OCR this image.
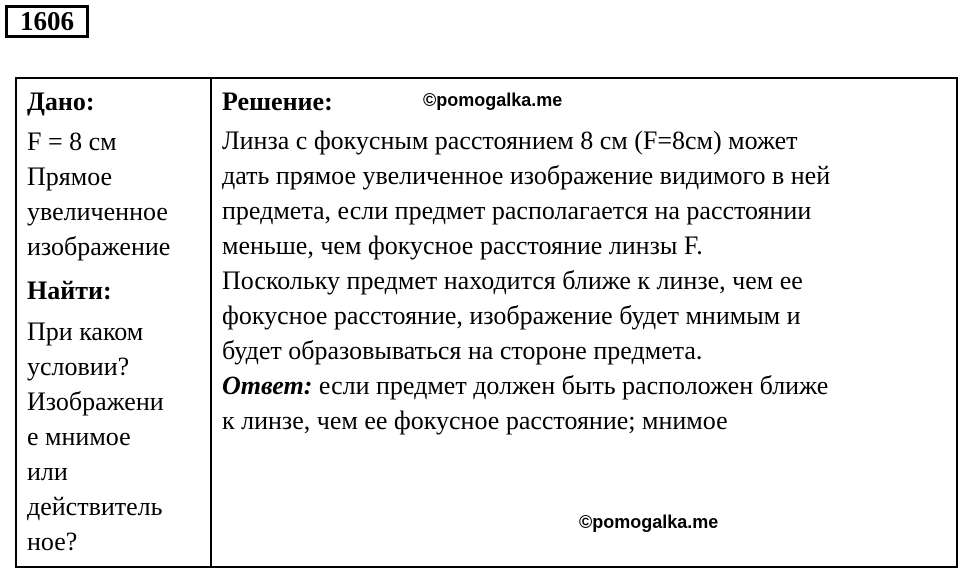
1606
Дано:
F = 8 см
Прямое
увеличенное
изображение
Найти:
При каком
условии?
Изображени
е мнимое
или
действитель
ное?
Решение:	©pomogalka.me
Линза с фокусным расстоянием 8 см (F=8см) может
дать прямое увеличенное изображение видимого в ней
предмета, если предмет располагается на расстоянии
меньше, чем фокусное расстояние линзы F.
Поскольку предмет находится ближе к линзе, чем ее
фокусное расстояние, изображение будет мнимым и
будет образовываться на стороне предмета.
Ответ: если предмет должен быть расположен ближе
к линзе, чем ее фокусное расстояние; мнимое
©pomogalka.me
